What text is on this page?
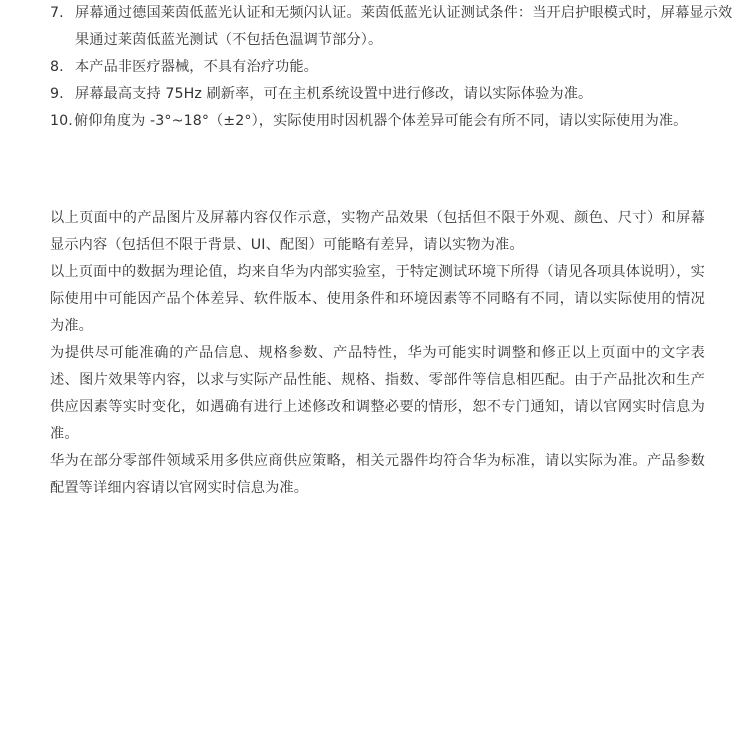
7. 屏幕通过德国莱茵低蓝光认证和无频闪认证。莱茵低蓝光认证测试条件：当开启护眼模式时，屏幕显示效果通过莱茵低蓝光测试（不包括色温调节部分）。
8. 本产品非医疗器械，不具有治疗功能。
9. 屏幕最高支持 75Hz 刷新率，可在主机系统设置中进行修改，请以实际体验为准。
10. 俯仰角度为 -3°~18°（±2°），实际使用时因机器个体差异可能会有所不同，请以实际使用为准。

以上页面中的产品图片及屏幕内容仅作示意，实物产品效果（包括但不限于外观、颜色、尺寸）和屏幕显示内容（包括但不限于背景、UI、配图）可能略有差异，请以实物为准。

以上页面中的数据为理论值，均来自华为内部实验室，于特定测试环境下所得（请见各项具体说明），实际使用中可能因产品个体差异、软件版本、使用条件和环境因素等不同略有不同，请以实际使用的情况为准。

为提供尽可能准确的产品信息、规格参数、产品特性，华为可能实时调整和修正以上页面中的文字表述、图片效果等内容，以求与实际产品性能、规格、指数、零部件等信息相匹配。由于产品批次和生产供应因素等实时变化，如遇确有进行上述修改和调整必要的情形，恕不专门通知，请以官网实时信息为准。

华为在部分零部件领域采用多供应商供应策略，相关元器件均符合华为标准，请以实际为准。产品参数配置等详细内容请以官网实时信息为准。
